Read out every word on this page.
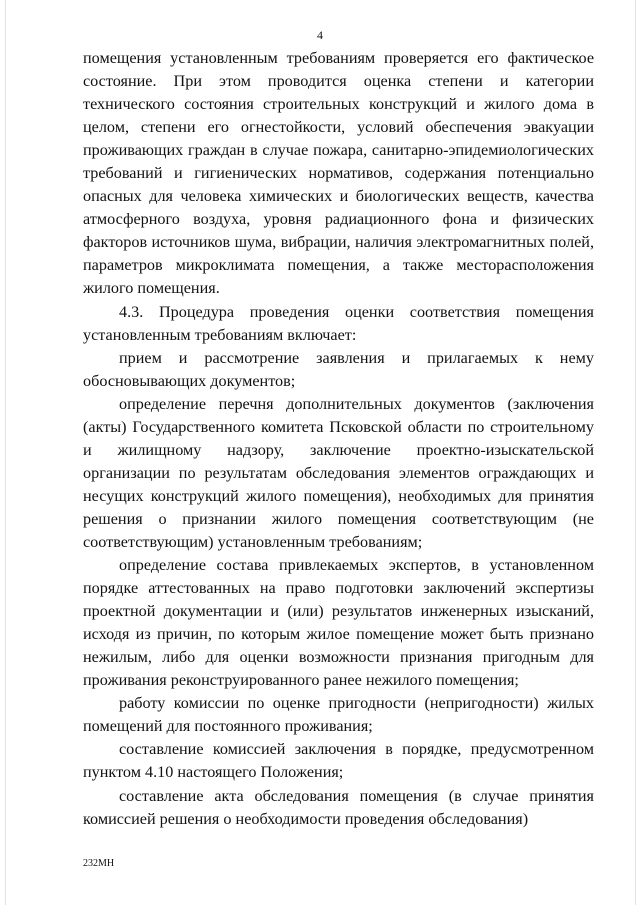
4

помещения установленным требованиям проверяется его фактическое состояние. При этом проводится оценка степени и категории технического состояния строительных конструкций и жилого дома в целом, степени его огнестойкости, условий обеспечения эвакуации проживающих граждан в случае пожара, санитарно-эпидемиологических требований и гигиенических нормативов, содержания потенциально опасных для человека химических и биологических веществ, качества атмосферного воздуха, уровня радиационного фона и физических факторов источников шума, вибрации, наличия электромагнитных полей, параметров микроклимата помещения, а также месторасположения жилого помещения.

4.3. Процедура проведения оценки соответствия помещения установленным требованиям включает:

прием и рассмотрение заявления и прилагаемых к нему обосновывающих документов;

определение перечня дополнительных документов (заключения (акты) Государственного комитета Псковской области по строительному и жилищному надзору, заключение проектно-изыскательской организации по результатам обследования элементов ограждающих и несущих конструкций жилого помещения), необходимых для принятия решения о признании жилого помещения соответствующим (не соответствующим) установленным требованиям;

определение состава привлекаемых экспертов, в установленном порядке аттестованных на право подготовки заключений экспертизы проектной документации и (или) результатов инженерных изысканий, исходя из причин, по которым жилое помещение может быть признано нежилым, либо для оценки возможности признания пригодным для проживания реконструированного ранее нежилого помещения;

работу комиссии по оценке пригодности (непригодности) жилых помещений для постоянного проживания;

составление комиссией заключения в порядке, предусмотренном пунктом 4.10 настоящего Положения;

составление акта обследования помещения (в случае принятия комиссией решения о необходимости проведения обследования)

232МН
